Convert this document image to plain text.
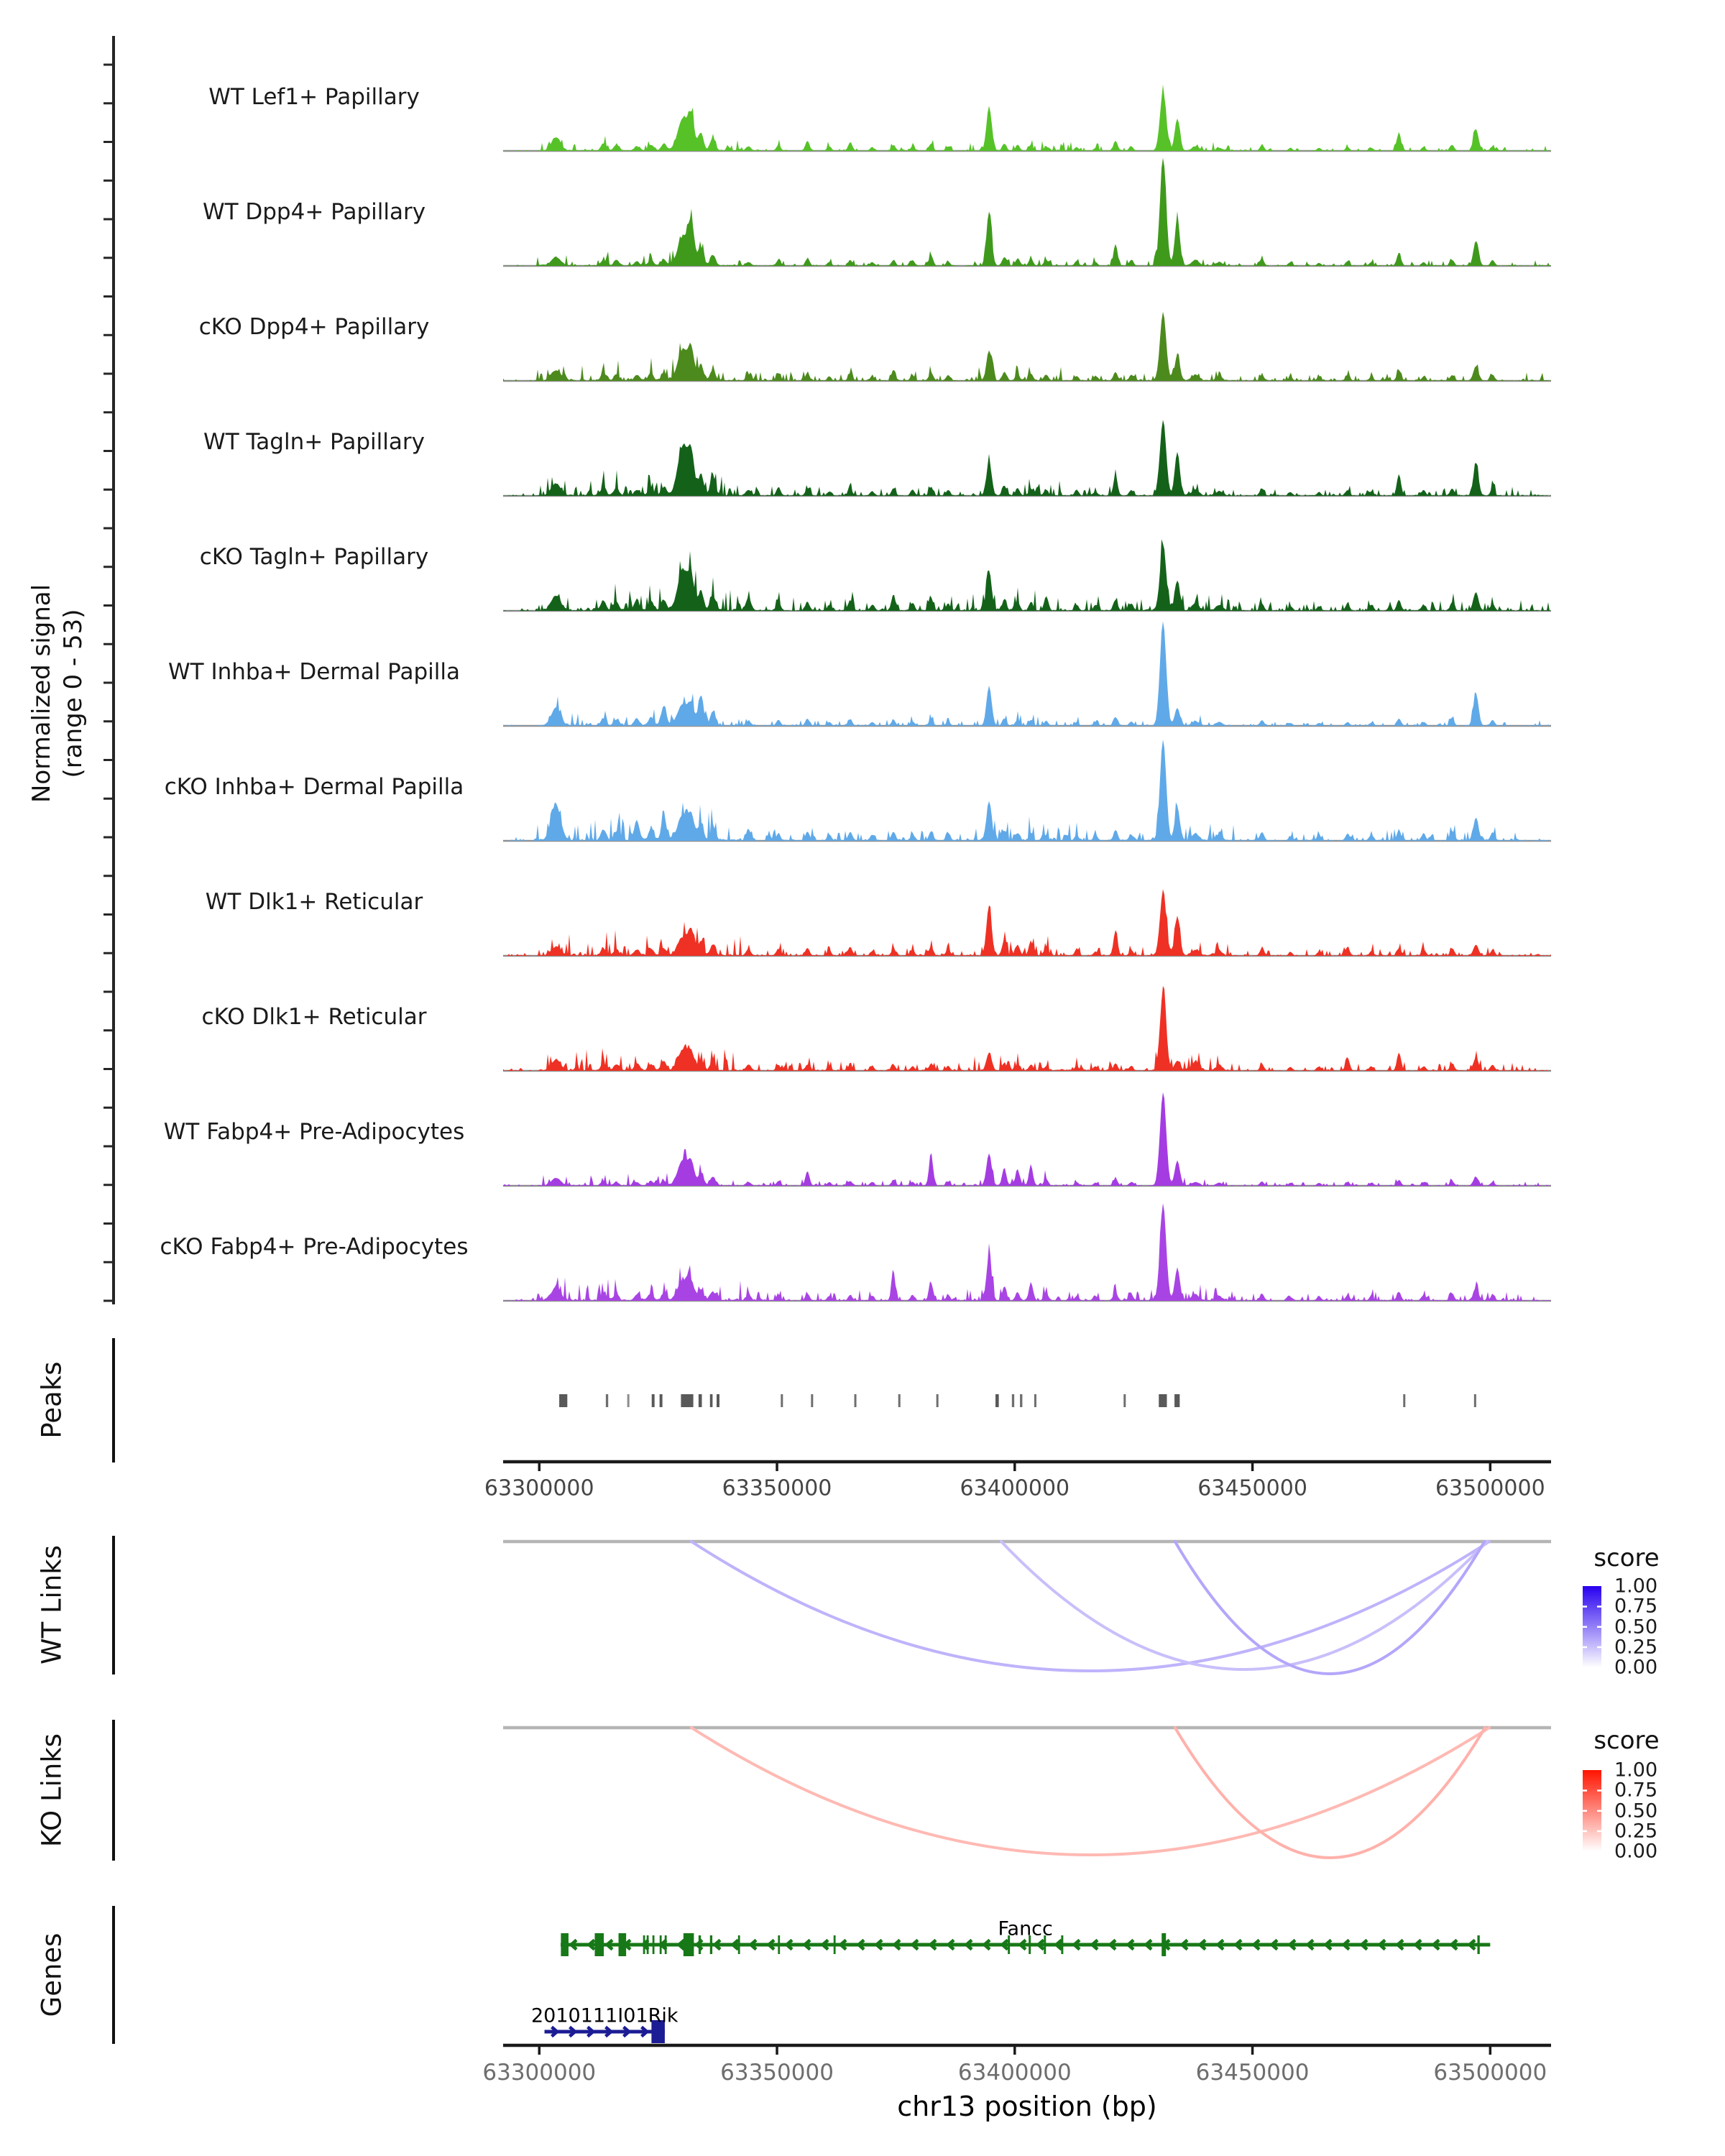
Normalized signal (range 0 - 53)
Peaks
WT Links
KO Links
Genes
score
score
chr13 position (bp)
WT Lef1+ Papillary
WT Dpp4+ Papillary
cKO Dpp4+ Papillary
WT Tagln+ Papillary
cKO Tagln+ Papillary
WT Inhba+ Dermal Papilla
cKO Inhba+ Dermal Papilla
WT Dlk1+ Reticular
cKO Dlk1+ Reticular
WT Fabp4+ Pre-Adipocytes
cKO Fabp4+ Pre-Adipocytes
63300000	63350000	63400000	63450000	63500000
1.00
0.75
0.50
0.25
0.00
1.00
0.75
0.50
0.25
0.00
Fancc
2010111I01Rik
63300000	63350000	63400000	63450000	63500000
